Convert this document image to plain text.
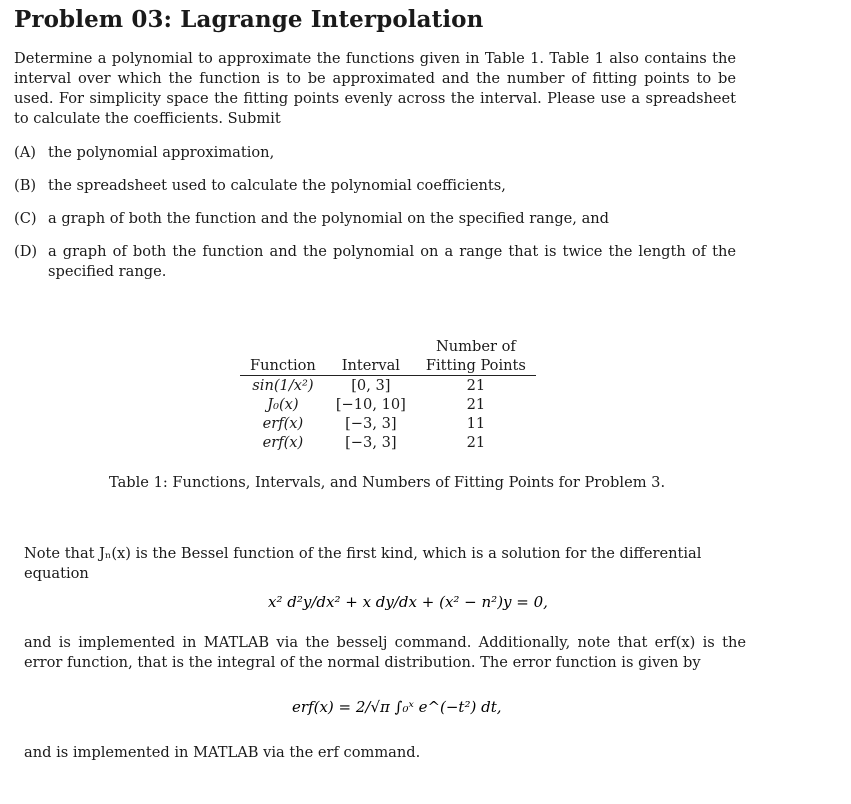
Problem 03: Lagrange Interpolation
Determine a polynomial to approximate the functions given in Table 1. Table 1 also contains the interval over which the function is to be approximated and the number of fitting points to be used. For simplicity space the fitting points evenly across the interval. Please use a spreadsheet to calculate the coefficients. Submit
(A) the polynomial approximation,
(B) the spreadsheet used to calculate the polynomial coefficients,
(C) a graph of both the function and the polynomial on the specified range, and
(D) a graph of both the function and the polynomial on a range that is twice the length of the specified range.
		Number of
Function	Interval	Fitting Points
sin(1/x²)	[0, 3]	21
J₀(x)	[−10, 10]	21
erf(x)	[−3, 3]	11
erf(x)	[−3, 3]	21
Table 1: Functions, Intervals, and Numbers of Fitting Points for Problem 3.
Note that Jₙ(x) is the Bessel function of the first kind, which is a solution for the differential equation
x² d²y/dx² + x dy/dx + (x² − n²)y = 0,
and is implemented in MATLAB via the besselj command. Additionally, note that erf(x) is the error function, that is the integral of the normal distribution. The error function is given by
erf(x) = 2/√π ∫₀ˣ e^(−t²) dt,
and is implemented in MATLAB via the erf command.
